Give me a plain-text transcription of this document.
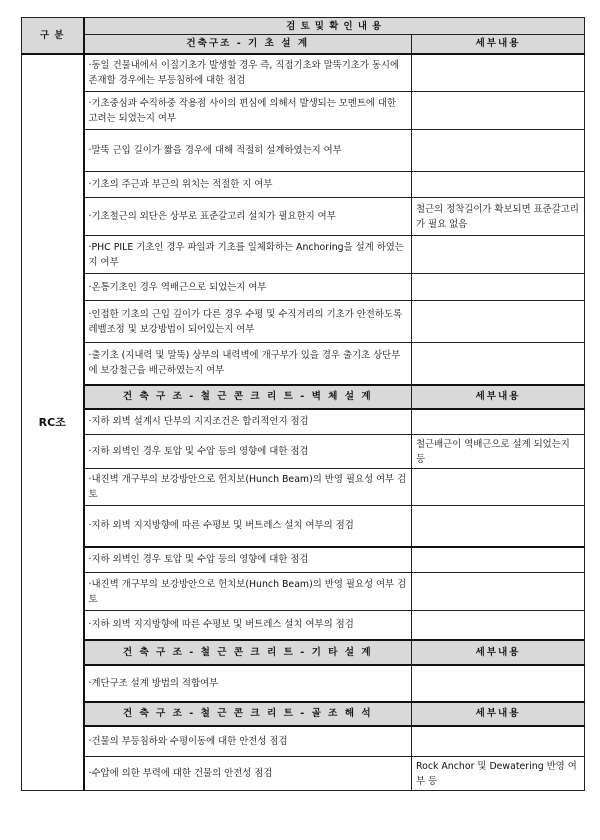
구 분	검 토 및 확 인 내 용	
	건축구조 - 기 초 설 계	세부내용
RC조	·동일 건물내에서 이질기초가 발생할 경우 즉, 직접기초와 말뚝기초가 동시에 존재할 경우에는 부등침하에 대한 점검	
	·기초중심과 수직하중 작용점 사이의 편심에 의해서 발생되는 모멘트에 대한 고려는 되었는지 여부	
	·말뚝 근입 길이가 짧을 경우에 대해 적절히 설계하였는지 여부	
	·기초의 주근과 부근의 위치는 적절한 지 여부	
	·기초철근의 외단은 상부로 표준갈고리 설치가 필요한지 여부	철근의 정착길이가 확보되면 표준갈고리가 필요 없음
	·PHC PILE 기초인 경우 파일과 기초를 일체화하는 Anchoring을 설계 하였는지 여부	
	·온통기초인 경우 역배근으로 되었는지 여부	
	·인접한 기초의 근입 깊이가 다른 경우 수평 및 수직거리의 기초가 안전하도록 레벨조정 및 보강방법이 되어있는지 여부	
	·출기초 (지내력 및 말뚝) 상부의 내력벽에 개구부가 있을 경우 출기초 상단부에 보강철근을 배근하였는지 여부	
	건 축 구 조 - 철 근 콘 크 리 트 - 벽 체 설 계	세부내용
	·지하 외벽 설계시 단부의 지지조건은 합리적인지 점검	
	·지하 외벽인 경우 토압 및 수압 등의 영향에 대한 점검	철근배근이 역배근으로 설계 되었는지 등
	·내진벽 개구부의 보강방안으로 헌치보(Hunch Beam)의 반영 필요성 여부 검토	
	·지하 외벽 지지방향에 따른 수평보 및 버트레스 설치 여부의 점검	
	·지하 외벽인 경우 토압 및 수압 등의 영향에 대한 점검	
	·내진벽 개구부의 보강방안으로 헌치보(Hunch Beam)의 반영 필요성 여부 검토	
	·지하 외벽 지지방향에 따른 수평보 및 버트레스 설치 여부의 점검	
	건 축 구 조 - 철 근 콘 크 리 트 - 기 타 설 계	세부내용
	·계단구조 설계 방법의 적합여부	
	건 축 구 조 - 철 근 콘 크 리 트 - 골 조 해 석	세부내용
	·건물의 부등침하와 수평이동에 대한 안전성 점검	
	·수압에 의한 부력에 대한 건물의 안전성 점검	Rock Anchor 및 Dewatering 반영 여부 등
